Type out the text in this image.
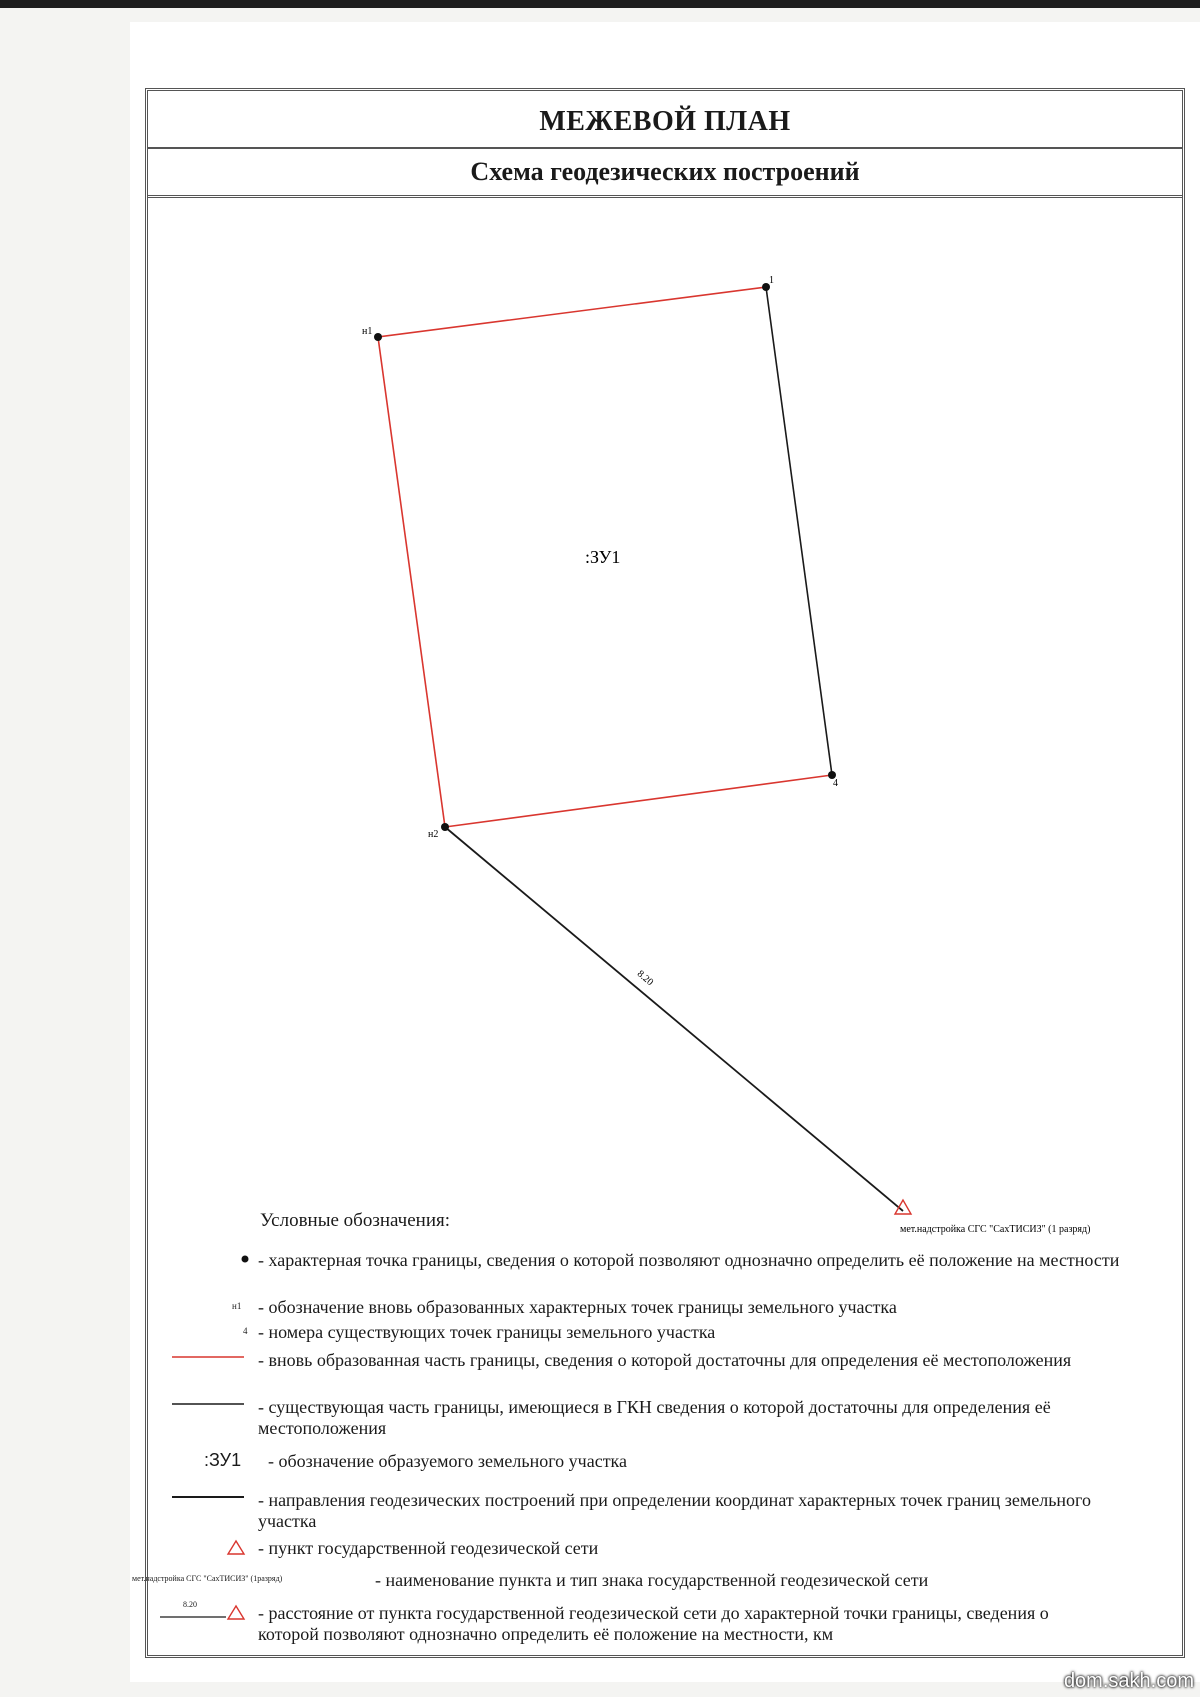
МЕЖЕВОЙ ПЛАН
Схема геодезических построений
н1
1
4
н2
:ЗУ1
8.20
мет.надстройка СГС "СахТИСИЗ" (1 разряд)
Условные обозначения:
- характерная точка границы, сведения о которой позволяют однозначно определить её положение на местности
н1 - обозначение вновь образованных характерных точек границы земельного участка
4 - номера существующих точек границы земельного участка
- вновь образованная часть границы, сведения о которой достаточны для определения её местоположения
- существующая часть границы, имеющиеся в ГКН сведения о которой достаточны для определения её местоположения
:ЗУ1 - обозначение образуемого земельного участка
- направления геодезических построений при определении координат характерных точек границ земельного участка
- пункт государственной геодезической сети
мет.надстройка СГС "СахТИСИЗ" (1разряд)	- наименование пункта и тип знака государственной геодезической сети
8.20	- расстояние от пункта государственной геодезической сети до характерной точки границы, сведения о которой позволяют однозначно определить её положение на местности, км
dom.sakh.com
